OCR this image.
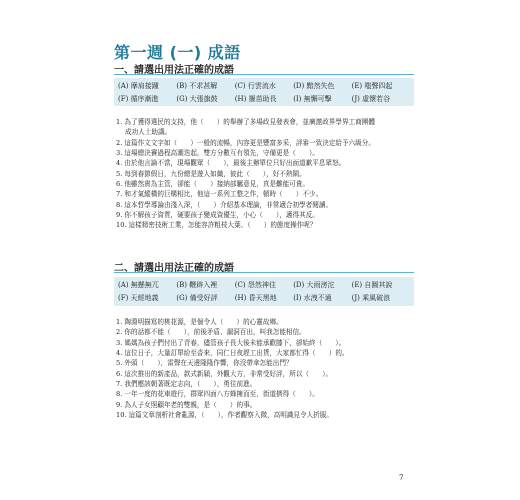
第一週 (一) 成語
一、請選出用法正確的成語
(A) 摩肩接踵	(B) 不求甚解	(C) 行雲流水	(D) 黯然失色	(E) 嗤聲四起
(F) 循序漸進	(G) 大張旗鼓	(H) 揠苗助長	(I) 無懈可擊	(J) 虛懷若谷
1. 為了獲得選民的支持，他（　　）的舉辦了多場政見發表會，並廣邀政界學界工商團體
成功人士助講。
2. 這篇作文文字如（　　）一般的流暢，內容更是豐富多采，評審一致決定給予六級分。
3. 這場總決賽過程高潮迭起，雙方分數互有領先，守備更是（　　）。
4. 由於他言論不當，現場觀眾（　　），最後主辦單位只好出面道歉平息眾怒。
5. 每到春節假日，九份總是遊人如織，彼此（　　），好不熱鬧。
6. 他雖然貴為主管，卻能（　　）接納部屬意見，真是難能可貴。
7. 和才氣縱橫的巨構相比，他這一系列工整之作，頓時（　　）不少。
8. 這本哲學導論由淺入深，（　　）介紹基本理論，非常適合初學者閱讀。
9. 你不解孩子資質，硬要孩子變成資優生，小心（　　），適得其反。
10. 這樣精密技術工業，怎能容許粗枝大葉、（　　）的態度操作呢？
二、請選出用法正確的成語
(A) 無懸無兀	(B) 鞭辟入裡	(C) 怨然神往	(D) 大雨滂沱	(E) 自圓其說
(F) 天經地義	(G) 備受好評	(H) 昏天黑地	(I) 水洩不通	(J) 乘風破浪
1. 陶淵明描寫的桃花源，是個令人（　　）的心靈故鄉。
2. 你的話都不能（　　），前後矛盾、漏洞百出，叫我怎能相信。
3. 媽媽為孩子們付出了青春，儘管孩子長大後未能承歡膝下，卻始終（　　）。
4. 這位日子，大量訂單紛至沓來，同仁日夜趕工出貨，大家都忙得（　　）的。
5. 外頭（　　），雷聲在天邊隆隆作響，你沒帶傘怎能出門？
6. 這次推出的新產品，款式新穎，外觀大方，非常受好評，所以（　　）。
7. 我們應該朝著既定志向，（　　），勇往前進。
8. 一年一度的花車遊行，群眾四面八方蜂擁而至，街道擠得（　　）。
9. 為人子女照顧年老的雙親，是（　　）的事。
10. 這篇文章剖析社會亂源，（　　），作者觀察入微，高明識見令人折服。
7
